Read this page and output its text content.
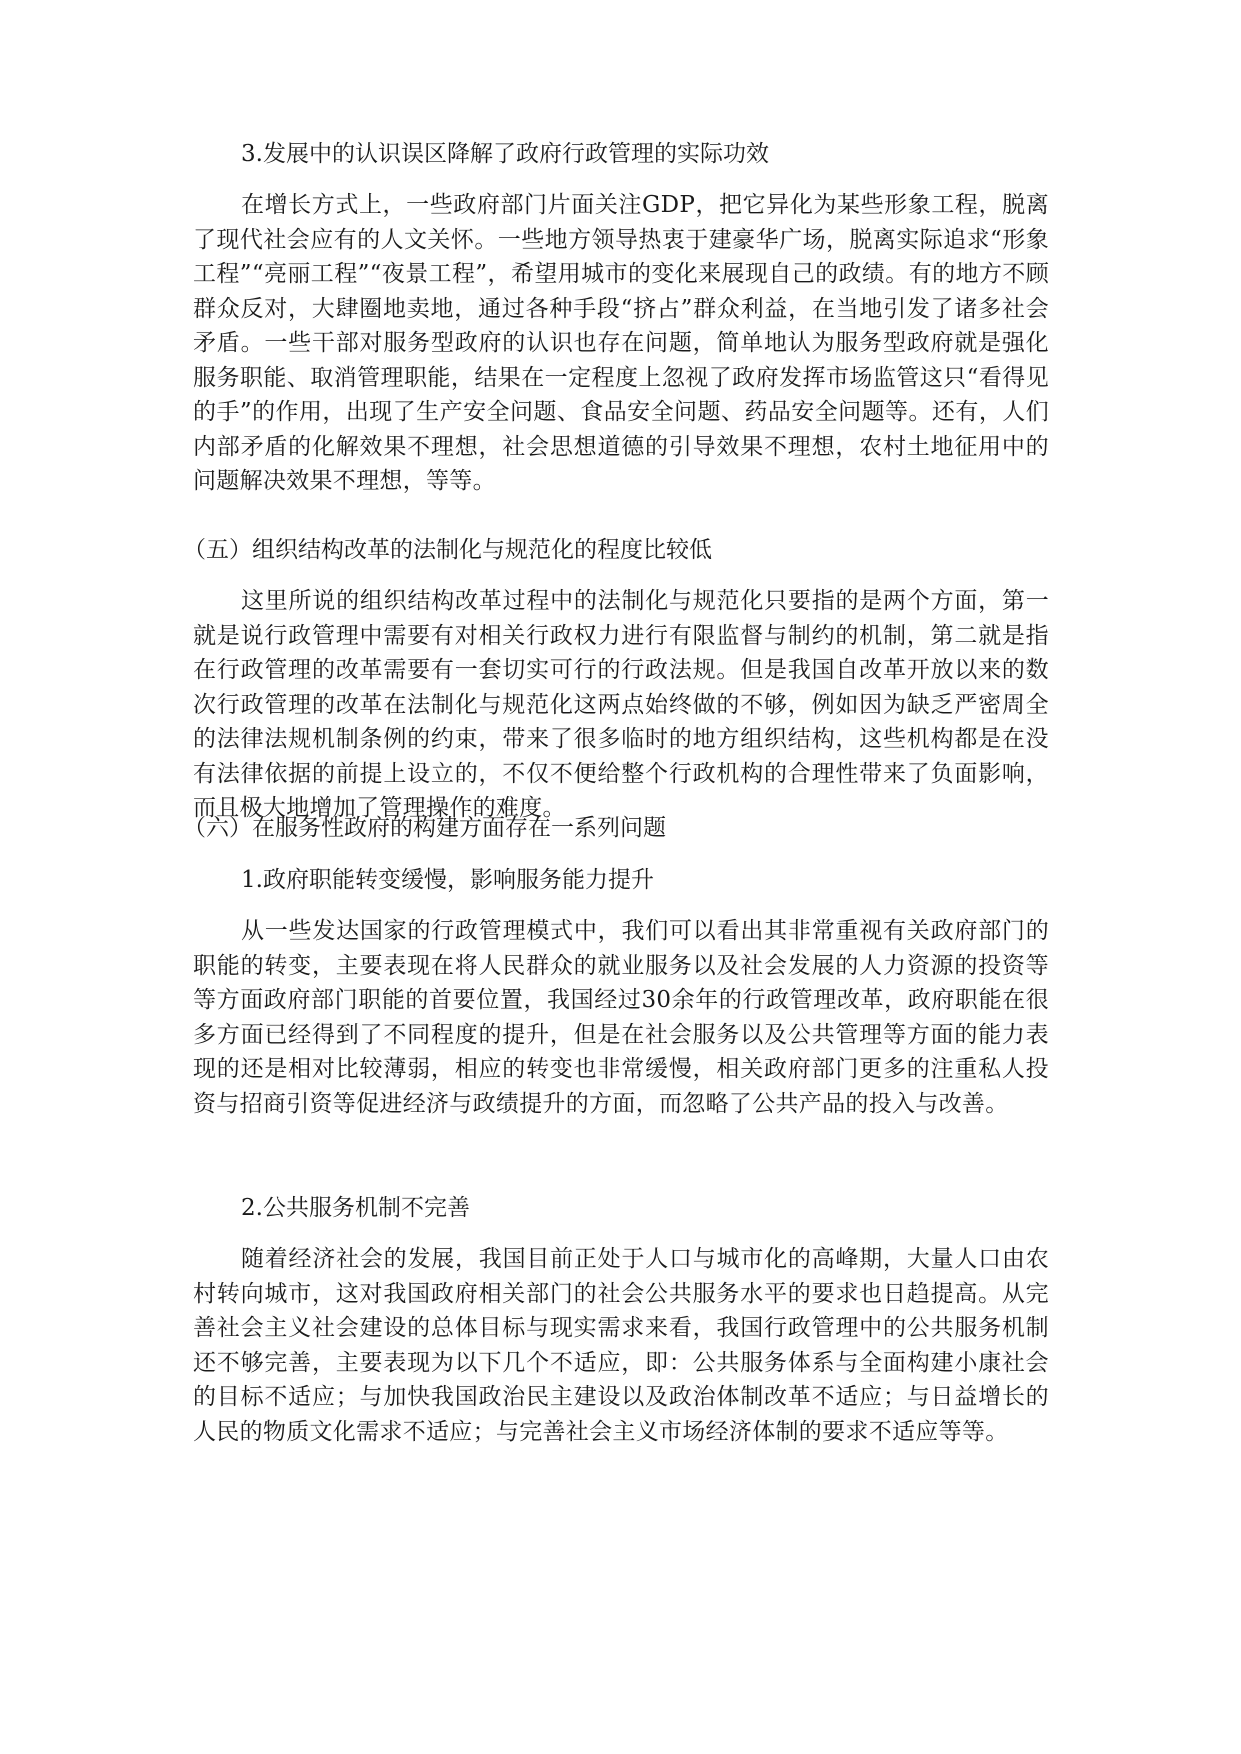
3.发展中的认识误区降解了政府行政管理的实际功效

在增长方式上，一些政府部门片面关注GDP，把它异化为某些形象工程，脱离了现代社会应有的人文关怀。一些地方领导热衷于建豪华广场，脱离实际追求“形象工程”“亮丽工程”“夜景工程”，希望用城市的变化来展现自己的政绩。有的地方不顾群众反对，大肆圈地卖地，通过各种手段“挤占”群众利益，在当地引发了诸多社会矛盾。一些干部对服务型政府的认识也存在问题，简单地认为服务型政府就是强化服务职能、取消管理职能，结果在一定程度上忽视了政府发挥市场监管这只“看得见的手”的作用，出现了生产安全问题、食品安全问题、药品安全问题等。还有，人们内部矛盾的化解效果不理想，社会思想道德的引导效果不理想，农村土地征用中的问题解决效果不理想，等等。

（五）组织结构改革的法制化与规范化的程度比较低

这里所说的组织结构改革过程中的法制化与规范化只要指的是两个方面，第一就是说行政管理中需要有对相关行政权力进行有限监督与制约的机制，第二就是指在行政管理的改革需要有一套切实可行的行政法规。但是我国自改革开放以来的数次行政管理的改革在法制化与规范化这两点始终做的不够，例如因为缺乏严密周全的法律法规机制条例的约束，带来了很多临时的地方组织结构，这些机构都是在没有法律依据的前提上设立的，不仅不便给整个行政机构的合理性带来了负面影响，而且极大地增加了管理操作的难度。

（六）在服务性政府的构建方面存在一系列问题

1.政府职能转变缓慢，影响服务能力提升

从一些发达国家的行政管理模式中，我们可以看出其非常重视有关政府部门的职能的转变，主要表现在将人民群众的就业服务以及社会发展的人力资源的投资等等方面政府部门职能的首要位置，我国经过30余年的行政管理改革，政府职能在很多方面已经得到了不同程度的提升，但是在社会服务以及公共管理等方面的能力表现的还是相对比较薄弱，相应的转变也非常缓慢，相关政府部门更多的注重私人投资与招商引资等促进经济与政绩提升的方面，而忽略了公共产品的投入与改善。

2.公共服务机制不完善

随着经济社会的发展，我国目前正处于人口与城市化的高峰期，大量人口由农村转向城市，这对我国政府相关部门的社会公共服务水平的要求也日趋提高。从完善社会主义社会建设的总体目标与现实需求来看，我国行政管理中的公共服务机制还不够完善，主要表现为以下几个不适应，即：公共服务体系与全面构建小康社会的目标不适应；与加快我国政治民主建设以及政治体制改革不适应；与日益增长的人民的物质文化需求不适应；与完善社会主义市场经济体制的要求不适应等等。
